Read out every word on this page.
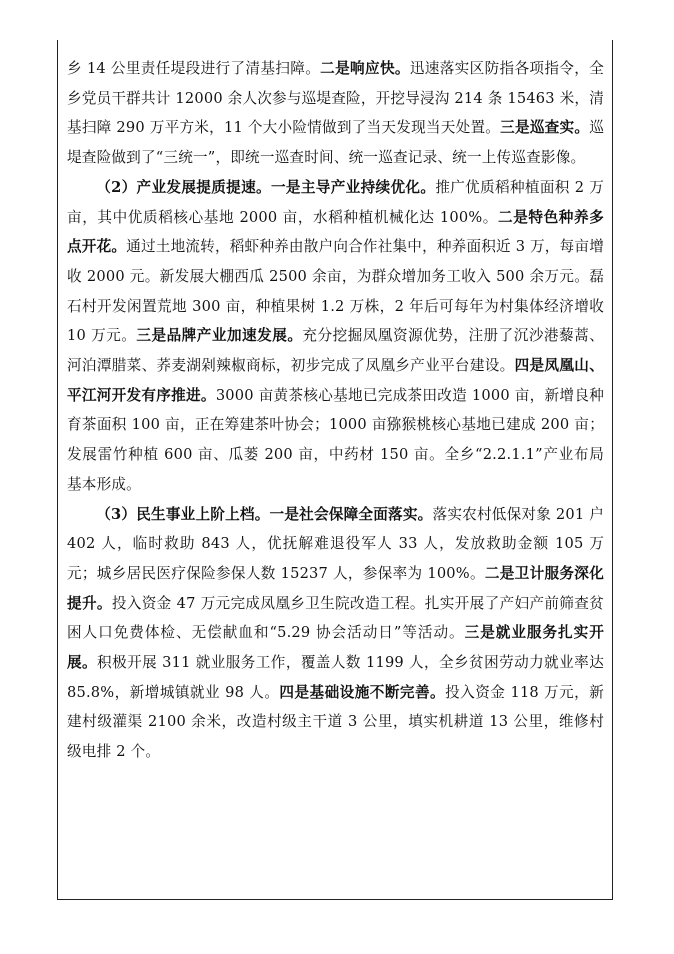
乡 14 公里责任堤段进行了清基扫障。二是响应快。迅速落实区防指各项指令，全乡党员干群共计 12000 余人次参与巡堤查险，开挖导浸沟 214 条 15463 米，清基扫障 290 万平方米，11 个大小险情做到了当天发现当天处置。三是巡查实。巡堤查险做到了“三统一”，即统一巡查时间、统一巡查记录、统一上传巡查影像。

（2）产业发展提质提速。一是主导产业持续优化。推广优质稻种植面积 2 万亩，其中优质稻核心基地 2000 亩，水稻种植机械化达 100%。二是特色种养多点开花。通过土地流转，稻虾种养由散户向合作社集中，种养面积近 3 万，每亩增收 2000 元。新发展大棚西瓜 2500 余亩，为群众增加务工收入 500 余万元。磊石村开发闲置荒地 300 亩，种植果树 1.2 万株，2 年后可每年为村集体经济增收 10 万元。三是品牌产业加速发展。充分挖掘凤凰资源优势，注册了沉沙港藜蒿、河泊潭腊菜、荞麦湖剁辣椒商标，初步完成了凤凰乡产业平台建设。四是凤凰山、平江河开发有序推进。3000 亩黄茶核心基地已完成茶田改造 1000 亩，新增良种育茶面积 100 亩，正在筹建茶叶协会；1000 亩猕猴桃核心基地已建成 200 亩；发展雷竹种植 600 亩、瓜蒌 200 亩，中药材 150 亩。全乡“2.2.1.1”产业布局基本形成。

（3）民生事业上阶上档。一是社会保障全面落实。落实农村低保对象 201 户 402 人，临时救助 843 人，优抚解难退役军人 33 人，发放救助金额 105 万元；城乡居民医疗保险参保人数 15237 人，参保率为 100%。二是卫计服务深化提升。投入资金 47 万元完成凤凰乡卫生院改造工程。扎实开展了产妇产前筛查贫困人口免费体检、无偿献血和“5.29 协会活动日”等活动。三是就业服务扎实开展。积极开展 311 就业服务工作，覆盖人数 1199 人，全乡贫困劳动力就业率达 85.8%，新增城镇就业 98 人。四是基础设施不断完善。投入资金 118 万元，新建村级灌渠 2100 余米，改造村级主干道 3 公里，填实机耕道 13 公里，维修村级电排 2 个。
